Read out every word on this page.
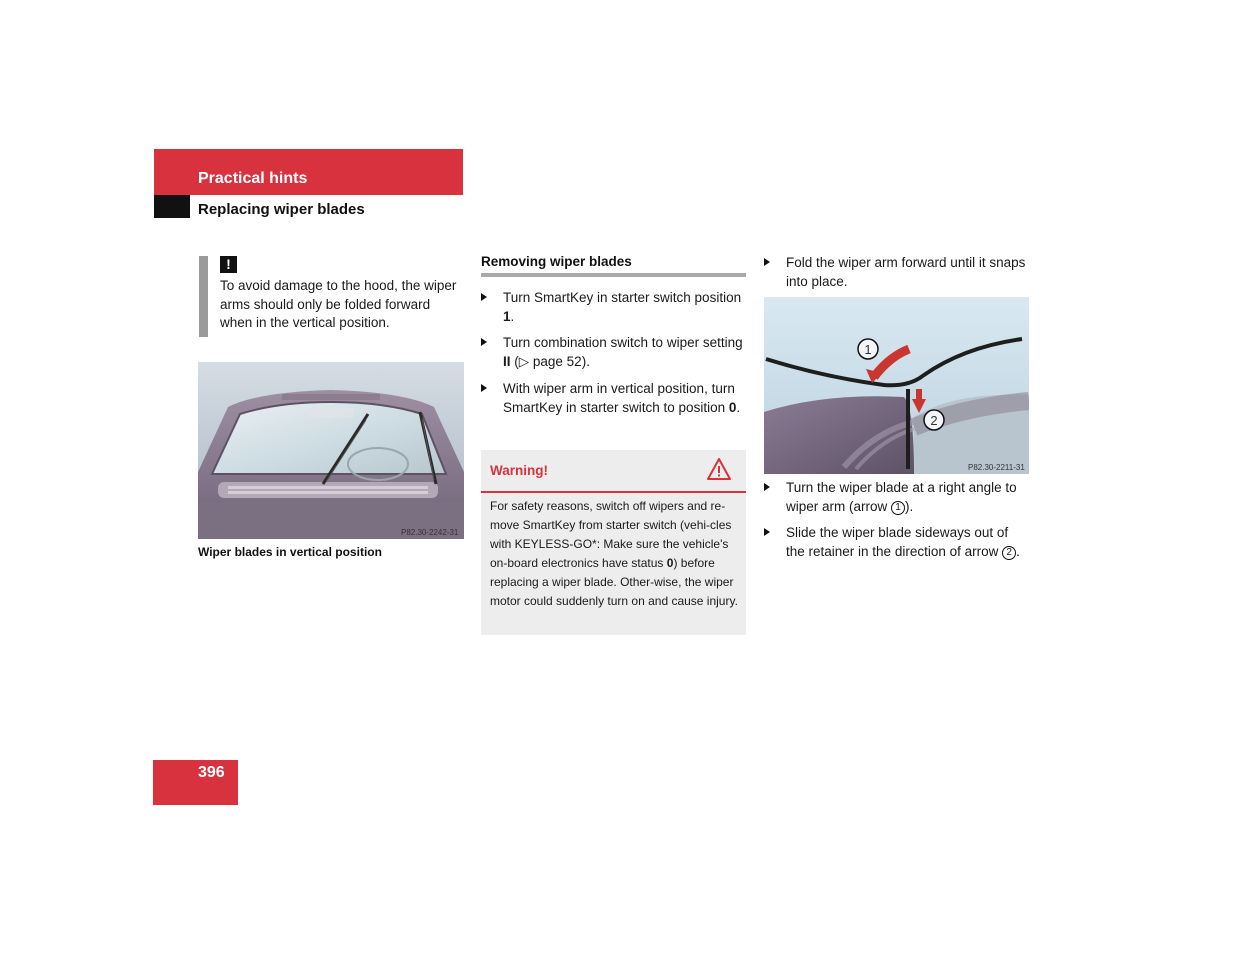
Practical hints
Replacing wiper blades
!
To avoid damage to the hood, the wiper arms should only be folded forward when in the vertical position.
P82.30-2242-31
Wiper blades in vertical position
Removing wiper blades
Turn SmartKey in starter switch position 1.
Turn combination switch to wiper setting II (▷ page 52).
With wiper arm in vertical position, turn SmartKey in starter switch to position 0.
Warning!
For safety reasons, switch off wipers and re-move SmartKey from starter switch (vehi-cles with KEYLESS-GO*: Make sure the vehicle's on-board electronics have status 0) before replacing a wiper blade. Other-wise, the wiper motor could suddenly turn on and cause injury.
Fold the wiper arm forward until it snaps into place.
1
2
P82.30-2211-31
Turn the wiper blade at a right angle to wiper arm (arrow 1 ).
Slide the wiper blade sideways out of the retainer in the direction of arrow 2 .
396
